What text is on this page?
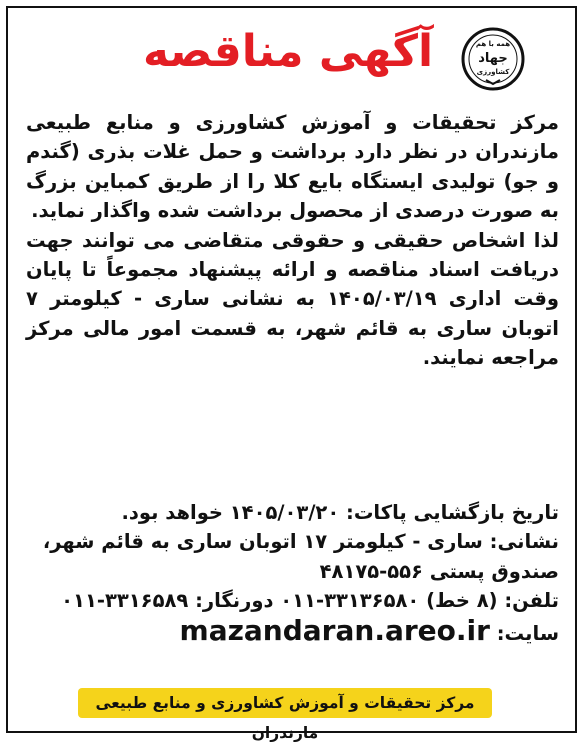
همه با هم
جهاد
کشاورزی
آگهی مناقصه

مرکز تحقیقات و آموزش کشاورزی و منابع طبیعی مازندران در نظر دارد برداشت و حمل غلات بذری (گندم و جو) تولیدی ایستگاه بایع کلا را از طریق کمباین بزرگ به صورت درصدی از محصول برداشت شده واگذار نماید.

لذا اشخاص حقیقی و حقوقی متقاضی می توانند جهت دریافت اسناد مناقصه و ارائه پیشنهاد مجموعاً تا پایان وقت اداری ۱۴۰۵/۰۳/۱۹ به نشانی ساری - کیلومتر ۷ اتوبان ساری به قائم شهر، به قسمت امور مالی مرکز مراجعه نمایند.

تاریخ بازگشایی پاکات: ۱۴۰۵/۰۳/۲۰ خواهد بود.

نشانی: ساری - کیلومتر ۱۷ اتوبان ساری به قائم شهر، صندوق پستی ۵۵۶-۴۸۱۷۵

تلفن: (۸ خط) ۳۳۱۳۶۵۸۰-۰۱۱ دورنگار: ۳۳۱۶۵۸۹-۰۱۱

سایت: mazandaran.areo.ir

مرکز تحقیقات و آموزش کشاورزی و منابع طبیعی مازندران
